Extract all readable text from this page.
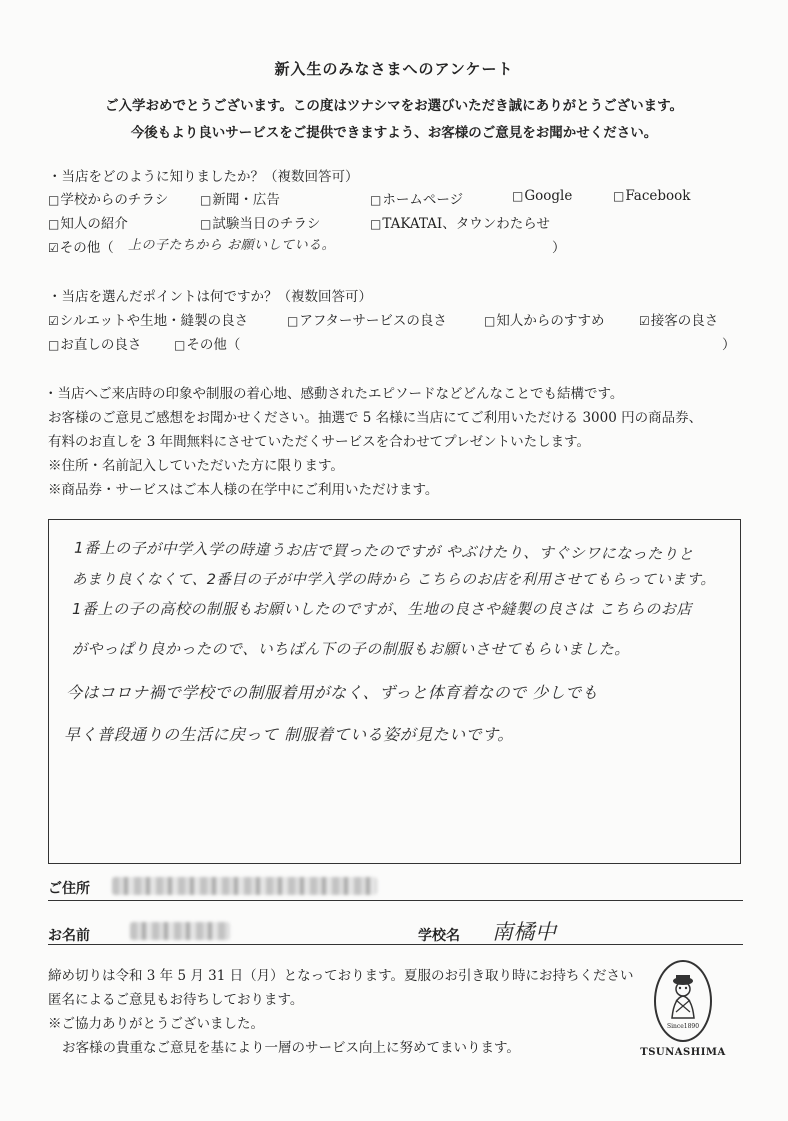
新入生のみなさまへのアンケート
ご入学おめでとうございます。この度はツナシマをお選びいただき誠にありがとうございます。
今後もより良いサービスをご提供できますよう、お客様のご意見をお聞かせください。
・当店をどのように知りましたか？（複数回答可）
□学校からのチラシ	□新聞・広告	□ホームページ	□Google	□Facebook
□知人の紹介	□試験当日のチラシ	□TAKATAI、タウンわたらせ
☑その他（ 上の子たちから お願いしている。	）
・当店を選んだポイントは何ですか？（複数回答可）
☑シルエットや生地・縫製の良さ	□アフターサービスの良さ	□知人からのすすめ	☑接客の良さ
□お直しの良さ	□その他（	）
・当店へご来店時の印象や制服の着心地、感動されたエピソードなどどんなことでも結構です。
お客様のご意見ご感想をお聞かせください。抽選で 5 名様に当店にてご利用いただける 3000 円の商品券、
有料のお直しを 3 年間無料にさせていただくサービスを合わせてプレゼントいたします。
※住所・名前記入していただいた方に限ります。
※商品券・サービスはご本人様の在学中にご利用いただけます。
1番上の子が中学入学の時違うお店で買ったのですが やぶけたり、すぐシワになったりと
あまり良くなくて、2番目の子が中学入学の時から こちらのお店を利用させてもらっています。
1番上の子の高校の制服もお願いしたのですが、生地の良さや縫製の良さは こちらのお店
がやっぱり良かったので、いちばん下の子の制服もお願いさせてもらいました。
今はコロナ禍で学校での制服着用がなく、ずっと体育着なので 少しでも
早く普段通りの生活に戻って 制服着ている姿が見たいです。
ご住所
お名前	学校名 南橘中
締め切りは令和 3 年 5 月 31 日（月）となっております。夏服のお引き取り時にお持ちください
匿名によるご意見もお待ちしております。
※ご協力ありがとうございました。
お客様の貴重なご意見を基により一層のサービス向上に努めてまいります。
Since1890
TSUNASHIMA
